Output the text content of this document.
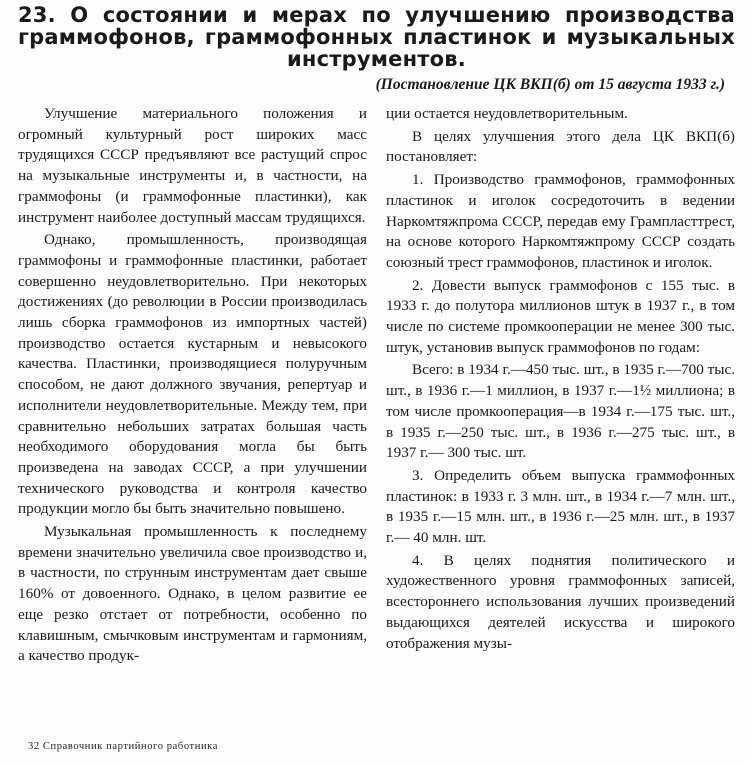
23. О состоянии и мерах по улучшению производства
граммофонов, граммофонных пластинок и музыкальных
инструментов.
(Постановление ЦК ВКП(б) от 15 августа 1933 г.)

Улучшение материального положения и огромный культурный рост широких масс трудящихся СССР предъявляют все растущий спрос на музыкальные инструменты и, в частности, на граммофоны (и граммофонные пластинки), как инструмент наиболее доступный массам трудящихся.

Однако, промышленность, производящая граммофоны и граммофонные пластинки, работает совершенно неудовлетворительно. При некоторых достижениях (до революции в России производилась лишь сборка граммофонов из импортных частей) производство остается кустарным и невысокого качества. Пластинки, производящиеся полуручным способом, не дают должного звучания, репертуар и исполнители неудовлетворительные. Между тем, при сравнительно небольших затратах большая часть необходимого оборудования могла бы быть произведена на заводах СССР, а при улучшении технического руководства и контроля качество продукции могло бы быть значительно повышено.

Музыкальная промышленность к последнему времени значительно увеличила свое производство и, в частности, по струнным инструментам дает свыше 160% от довоенного. Однако, в целом развитие ее еще резко отстает от потребности, особенно по клавишным, смычковым инструментам и гармониям, а качество продук-

ции остается неудовлетворительным.

В целях улучшения этого дела ЦК ВКП(б) постановляет:

1. Производство граммофонов, граммофонных пластинок и иголок сосредоточить в ведении Наркомтяжпрома СССР, передав ему Грампласттрест, на основе которого Наркомтяжпрому СССР создать союзный трест граммофонов, пластинок и иголок.

2. Довести выпуск граммофонов с 155 тыс. в 1933 г. до полутора миллионов штук в 1937 г., в том числе по системе промкооперации не менее 300 тыс. штук, установив выпуск граммофонов по годам:

Всего: в 1934 г.—450 тыс. шт., в 1935 г.—700 тыс. шт., в 1936 г.—1 миллион, в 1937 г.—1½ миллиона; в том числе промкооперация—в 1934 г.—175 тыс. шт., в 1935 г.—250 тыс. шт., в 1936 г.—275 тыс. шт., в 1937 г.— 300 тыс. шт.

3. Определить объем выпуска граммофонных пластинок: в 1933 г. 3 млн. шт., в 1934 г.—7 млн. шт., в 1935 г.—15 млн. шт., в 1936 г.—25 млн. шт., в 1937 г.— 40 млн. шт.

4. В целях поднятия политического и художественного уровня граммофонных записей, всестороннего использования лучших произведений выдающихся деятелей искусства и широкого отображения музы-

32 Справочник партийного работника
